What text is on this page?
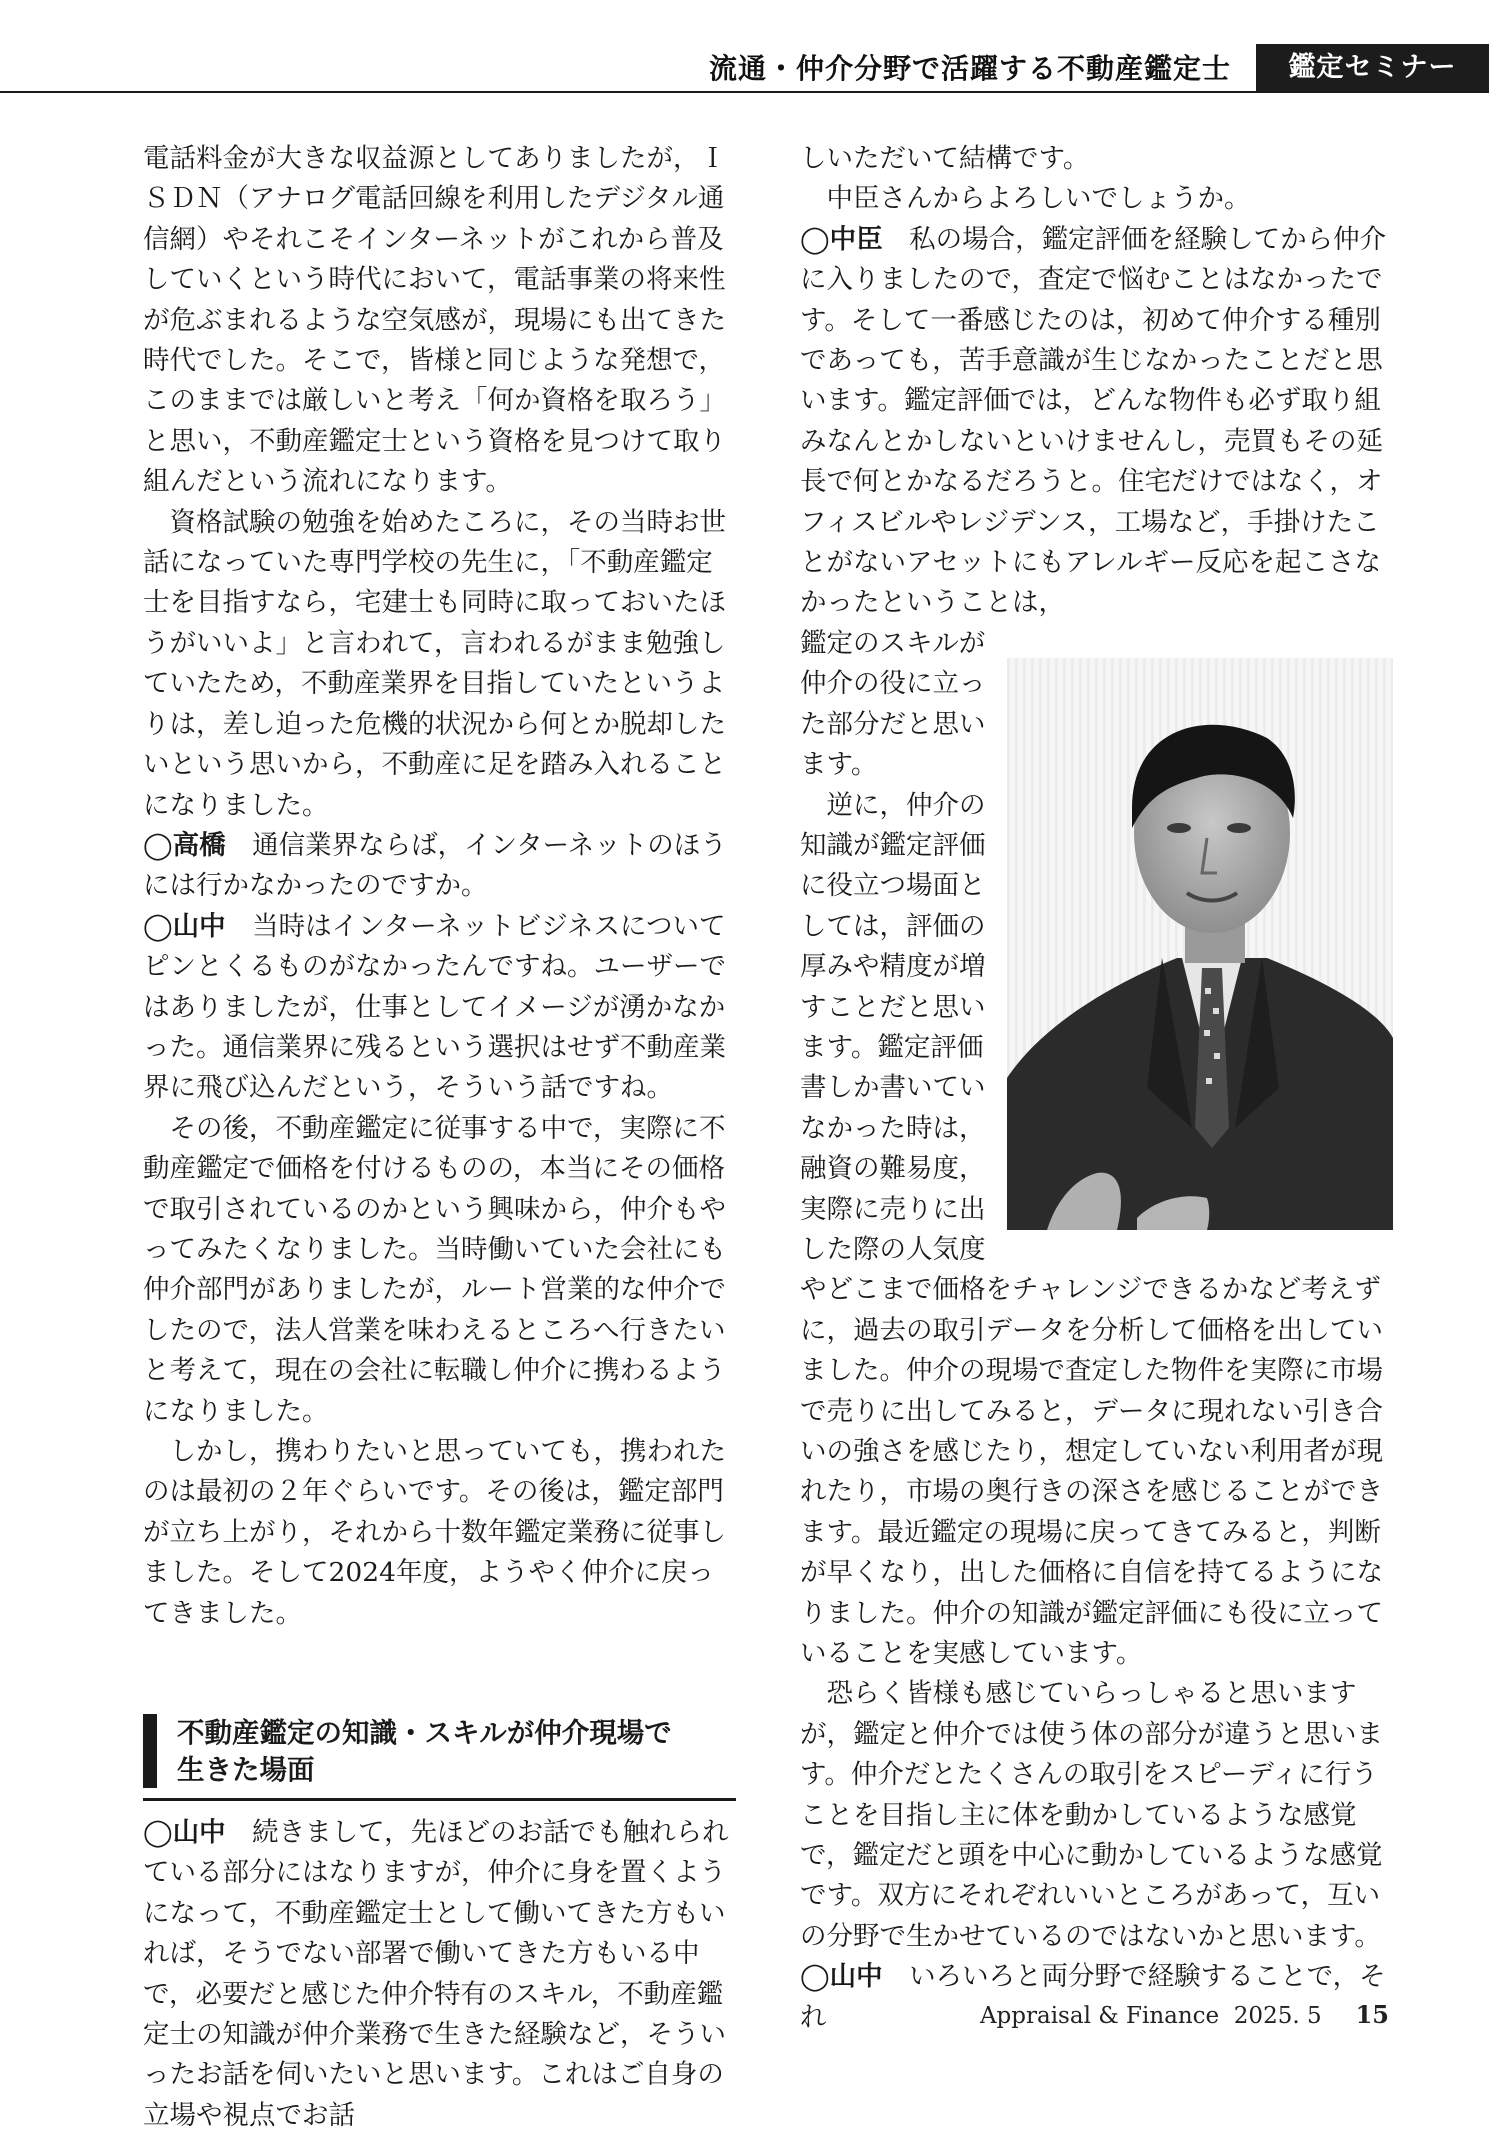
流通・仲介分野で活躍する不動産鑑定士	鑑定セミナー

電話料金が大きな収益源としてありましたが，ＩＳＤＮ（アナログ電話回線を利用したデジタル通信網）やそれこそインターネットがこれから普及していくという時代において，電話事業の将来性が危ぶまれるような空気感が，現場にも出てきた時代でした。そこで，皆様と同じような発想で，このままでは厳しいと考え「何か資格を取ろう」と思い，不動産鑑定士という資格を見つけて取り組んだという流れになります。

資格試験の勉強を始めたころに，その当時お世話になっていた専門学校の先生に，「不動産鑑定士を目指すなら，宅建士も同時に取っておいたほうがいいよ」と言われて，言われるがまま勉強していたため，不動産業界を目指していたというよりは，差し迫った危機的状況から何とか脱却したいという思いから，不動産に足を踏み入れることになりました。

◯高橋　 通信業界ならば，インターネットのほうには行かなかったのですか。

◯山中　 当時はインターネットビジネスについてピンとくるものがなかったんですね。ユーザーではありましたが，仕事としてイメージが湧かなかった。通信業界に残るという選択はせず不動産業界に飛び込んだという，そういう話ですね。

その後，不動産鑑定に従事する中で，実際に不動産鑑定で価格を付けるものの，本当にその価格で取引されているのかという興味から，仲介もやってみたくなりました。当時働いていた会社にも仲介部門がありましたが，ルート営業的な仲介でしたので，法人営業を味わえるところへ行きたいと考えて，現在の会社に転職し仲介に携わるようになりました。

しかし，携わりたいと思っていても，携われたのは最初の２年ぐらいです。その後は，鑑定部門が立ち上がり，それから十数年鑑定業務に従事しました。そして2024年度，ようやく仲介に戻ってきました。

不動産鑑定の知識・スキルが仲介現場で

生きた場面

◯山中　 続きまして，先ほどのお話でも触れられている部分にはなりますが，仲介に身を置くようになって，不動産鑑定士として働いてきた方もいれば，そうでない部署で働いてきた方もいる中で，必要だと感じた仲介特有のスキル，不動産鑑定士の知識が仲介業務で生きた経験など，そういったお話を伺いたいと思います。これはご自身の立場や視点でお話

しいただいて結構です。

中臣さんからよろしいでしょうか。

◯中臣　 私の場合，鑑定評価を経験してから仲介に入りましたので，査定で悩むことはなかったです。そして一番感じたのは，初めて仲介する種別であっても，苦手意識が生じなかったことだと思います。鑑定評価では，どんな物件も必ず取り組みなんとかしないといけませんし，売買もその延長で何とかなるだろうと。住宅だけではなく，オフィスビルやレジデンス，工場など，手掛けたことがないアセットにもアレルギー反応を起こさなかったということは，

鑑定のスキルが仲介の役に立った部分だと思います。

逆に，仲介の知識が鑑定評価に役立つ場面としては，評価の厚みや精度が増すことだと思います。鑑定評価書しか書いていなかった時は，融資の難易度，実際に売りに出した際の人気度やどこまで価格をチャレンジできるかなど考えずに，過去の取引データを分析して価格を出していました。仲介の現場で査定した物件を実際に市場で売りに出してみると，データに現れない引き合いの強さを感じたり，想定していない利用者が現れたり，市場の奥行きの深さを感じることができます。最近鑑定の現場に戻ってきてみると，判断が早くなり，出した価格に自信を持てるようになりました。仲介の知識が鑑定評価にも役に立っていることを実感しています。

恐らく皆様も感じていらっしゃると思いますが，鑑定と仲介では使う体の部分が違うと思います。仲介だとたくさんの取引をスピーディに行うことを目指し主に体を動かしているような感覚で，鑑定だと頭を中心に動かしているような感覚です。双方にそれぞれいいところがあって，互いの分野で生かせているのではないかと思います。

◯山中　 いろいろと両分野で経験することで，それ	Appraisal & Finance 2025. 5 15
